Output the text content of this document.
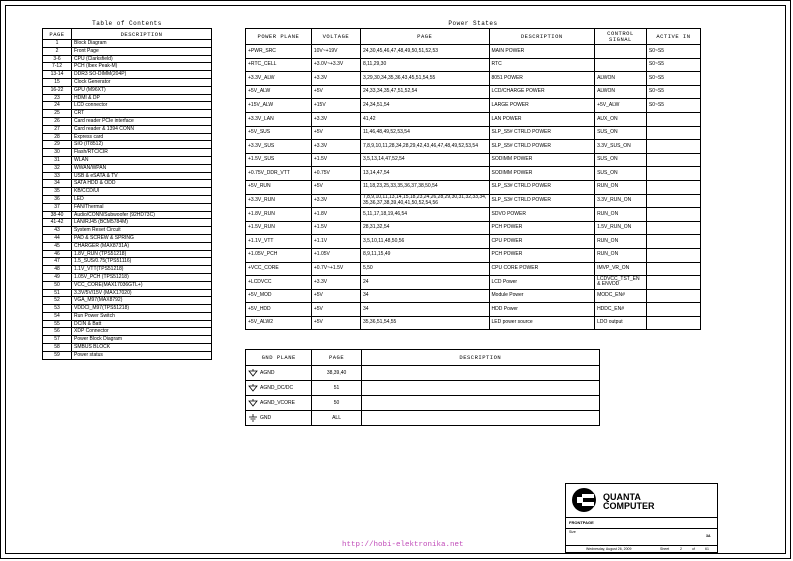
Table of Contents
PAGE	DESCRIPTION
1	Block Diagram
2	Front Page
3-6	CPU (Clarksfield)
7-12	PCH (Ibex Peak-M)
13-14	DDR3 SO-DIMM(204P)
15	Clock Generator
16-22	GPU (M96XT)
23	HDMI & DP
24	LCD connector
25	CRT
26	Card reader PCIe interface
27	Card reader & 1394 CONN
28	Express card
29	SIO (IT8512)
30	Flash/RTC/CIR
31	WLAN
32	WWAN/WPAN
33	USB & eSATA & TV
34	SATA HDD & ODD
35	KB/CCD/UI
36	LED
37	FAN/Thermal
38-40	Audio/CONN/Subwoofer (92HD73C)
41-42	LAN/RJ45 (BCM5784M)
43	System Reset Circuit
44	PAD & SCREW & SPRING
45	CHARGER (MAX8731A)
46	1.8V_RUN (TPS51218)
47	1.5_SUS/0.75(TPS51116)
48	1.1V_VTT(TPS51218)
49	1.05V_PCH (TPS51218)
50	VCC_CORE(MAX17036GTL+)
51	3.3V/5V/15V (MAX17020)
52	VGA_M97(MAX8792)
53	VDDCI_M97(TPS51218)
54	Run Power Switch
55	DCIN & Batt
56	XDP Connector
57	Power Block Diagram
58	SMBUS BLOCK
59	Power status
Power States
POWER PLANE	VOLTAGE	PAGE	DESCRIPTION	CONTROL SIGNAL	ACTIVE IN
+PWR_SRC	10V~+19V	24,30,45,46,47,48,49,50,51,52,53	MAIN POWER		S0~S5
+RTC_CELL	+3.0V~+3.3V	8,11,29,30	RTC		S0~S5
+3.3V_ALW	+3.3V	3,29,30,34,35,36,43,45,51,54,55	8051 POWER	ALWON	S0~S5
+5V_ALW	+5V	24,33,34,35,47,51,52,54	LCD/CHARGE POWER	ALWON	S0~S5
+15V_ALW	+15V	24,34,51,54	LARGE POWER	+5V_ALW	S0~S5
+3.3V_LAN	+3.3V	41,42	LAN POWER	AUX_ON	
+5V_SUS	+5V	11,46,48,49,52,53,54	SLP_S5# CTRLD POWER	SUS_ON	
+3.3V_SUS	+3.3V	7,8,9,10,11,28,34,28,29,42,43,46,47,48,49,52,53,54	SLP_S5# CTRLD POWER	3.3V_SUS_ON	
+1.5V_SUS	+1.5V	3,5,13,14,47,52,54	SODIMM POWER	SUS_ON	
+0.75V_DDR_VTT	+0.75V	13,14,47,54	SODIMM POWER	SUS_ON	
+5V_RUN	+5V	11,18,23,25,33,35,36,37,38,50,54	SLP_S3# CTRLD POWER	RUN_ON	
+3.3V_RUN	+3.3V	7,8,9,10,11,13,14,15,18,23,24,26,28,29,30,31,32,33,34,35,36,37,38,39,40,41,50,52,54,56	SLP_S3# CTRLD POWER	3.3V_RUN_ON	
+1.8V_RUN	+1.8V	5,11,17,18,19,46,54	SDVO POWER	RUN_ON	
+1.5V_RUN	+1.5V	28,31,32,54	PCH POWER	1.5V_RUN_ON	
+1.1V_VTT	+1.1V	3,5,10,11,48,50,56	CPU POWER	RUN_ON	
+1.05V_PCH	+1.05V	8,9,11,15,49	PCH POWER	RUN_ON	
+VCC_CORE	+0.7V~+1.5V	5,50	CPU CORE POWER	IMVP_VR_ON	
+LCDVCC	+3.3V	24	LCD Power	LCDVCC_TST_EN & ENVDD	
+5V_MOD	+5V	34	Module Power	MODC_EN#	
+5V_HDD	+5V	34	HDD Power	HDDC_EN#	
+5V_ALW2	+5V	35,36,51,54,55	LED power source	LDO output	
GND PLANE	PAGE	DESCRIPTION
AGND	38,39,40	
AGND_DC/DC	51	
AGND_VCORE	50	
GND	ALL	
http://hobi-elektronika.net
QUANTA
COMPUTER
FRONTPAGE
Size
3A
Wednesday, August 26, 2009	Sheet	2	of	61
